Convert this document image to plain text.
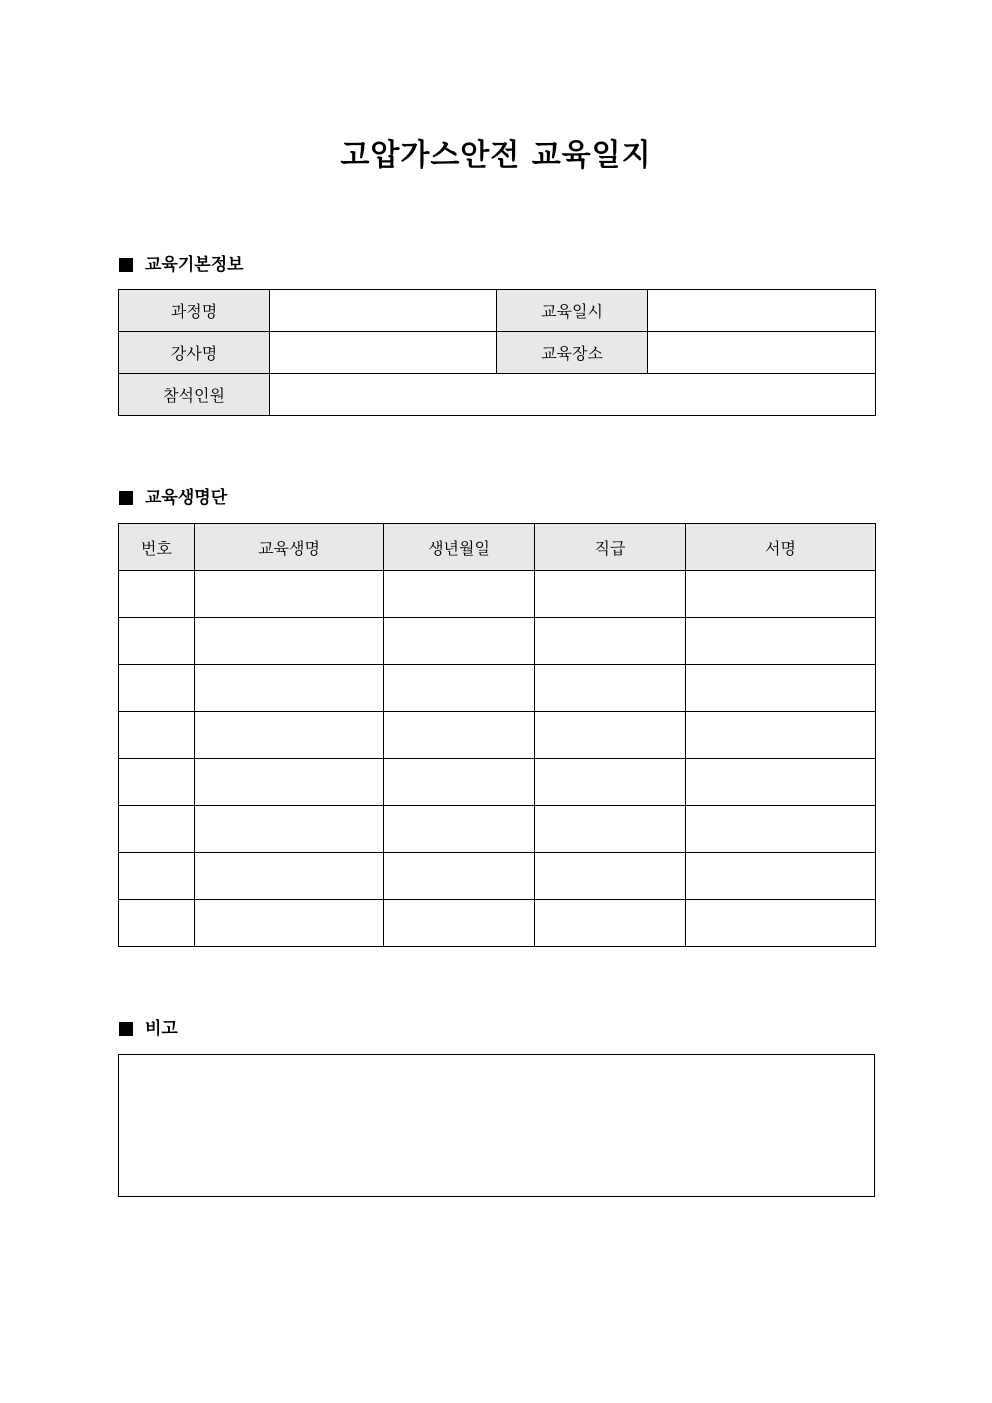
고압가스안전 교육일지
교육기본정보
과정명		교육일시	
강사명		교육장소	
참석인원			
교육생명단
번호	교육생명	생년월일	직급	서명

비고
